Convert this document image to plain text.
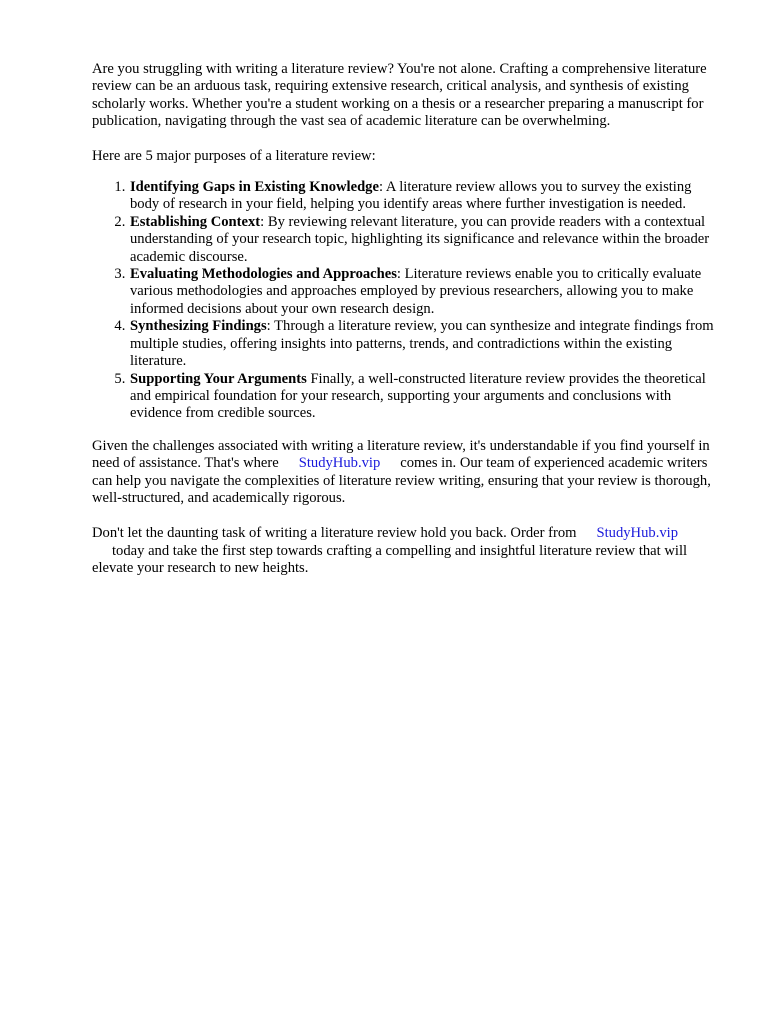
Are you struggling with writing a literature review? You're not alone. Crafting a comprehensive literature review can be an arduous task, requiring extensive research, critical analysis, and synthesis of existing scholarly works. Whether you're a student working on a thesis or a researcher preparing a manuscript for publication, navigating through the vast sea of academic literature can be overwhelming.

Here are 5 major purposes of a literature review:

1. Identifying Gaps in Existing Knowledge: A literature review allows you to survey the existing body of research in your field, helping you identify areas where further investigation is needed.
2. Establishing Context: By reviewing relevant literature, you can provide readers with a contextual understanding of your research topic, highlighting its significance and relevance within the broader academic discourse.
3. Evaluating Methodologies and Approaches: Literature reviews enable you to critically evaluate various methodologies and approaches employed by previous researchers, allowing you to make informed decisions about your own research design.
4. Synthesizing Findings: Through a literature review, you can synthesize and integrate findings from multiple studies, offering insights into patterns, trends, and contradictions within the existing literature.
5. Supporting Your Arguments Finally, a well-constructed literature review provides the theoretical and empirical foundation for your research, supporting your arguments and conclusions with evidence from credible sources.

Given the challenges associated with writing a literature review, it's understandable if you find yourself in need of assistance. That's where StudyHub.vip comes in. Our team of experienced academic writers can help you navigate the complexities of literature review writing, ensuring that your review is thorough, well-structured, and academically rigorous.

Don't let the daunting task of writing a literature review hold you back. Order from StudyHub.vip
today and take the first step towards crafting a compelling and insightful literature review that will elevate your research to new heights.
